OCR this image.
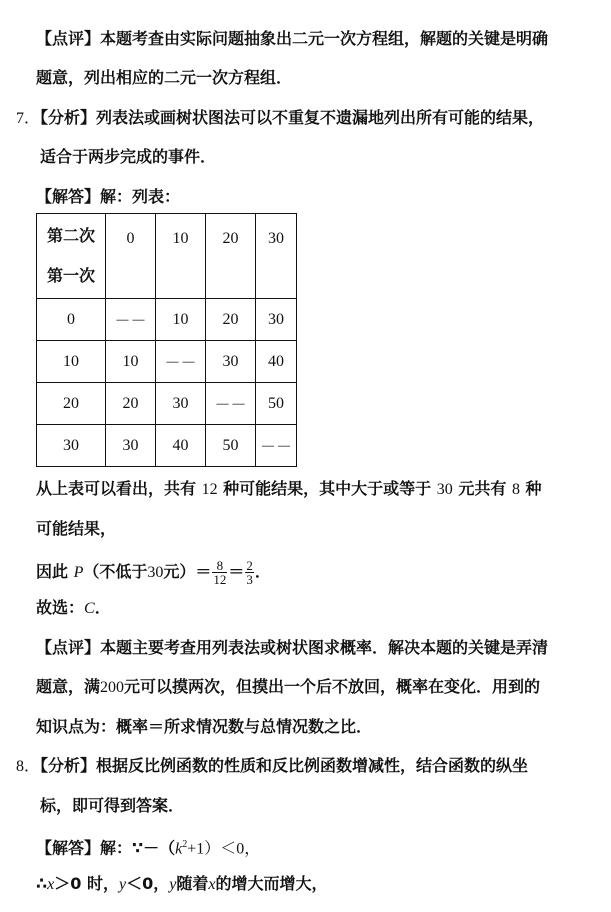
【点评】本题考查由实际问题抽象出二元一次方程组，解题的关键是明确
题意，列出相应的二元一次方程组．
7．【分析】列表法或画树状图法可以不重复不遗漏地列出所有可能的结果，
适合于两步完成的事件．
【解答】解：列表：
第二次
第一次	0	10	20	30
0	－－	10	20	30
10	10	－－	30	40
20	20	30	－－	50
30	30	40	50	－－
从上表可以看出，共有 12 种可能结果，其中大于或等于 30 元共有 8 种
可能结果，
因此 P（不低于30元）＝ $\frac{8}{12} = \frac{2}{3}$ ．
故选：C．
【点评】本题主要考查用列表法或树状图求概率．解决本题的关键是弄清
题意，满200元可以摸两次，但摸出一个后不放回，概率在变化．用到的
知识点为：概率＝所求情况数与总情况数之比．
8．【分析】根据反比例函数的性质和反比例函数增减性，结合函数的纵坐
标，即可得到答案．
【解答】解：$\because-(k^2+1)<0$，
∴x＞0 时，y＜0，y随着x的增大而增大，
